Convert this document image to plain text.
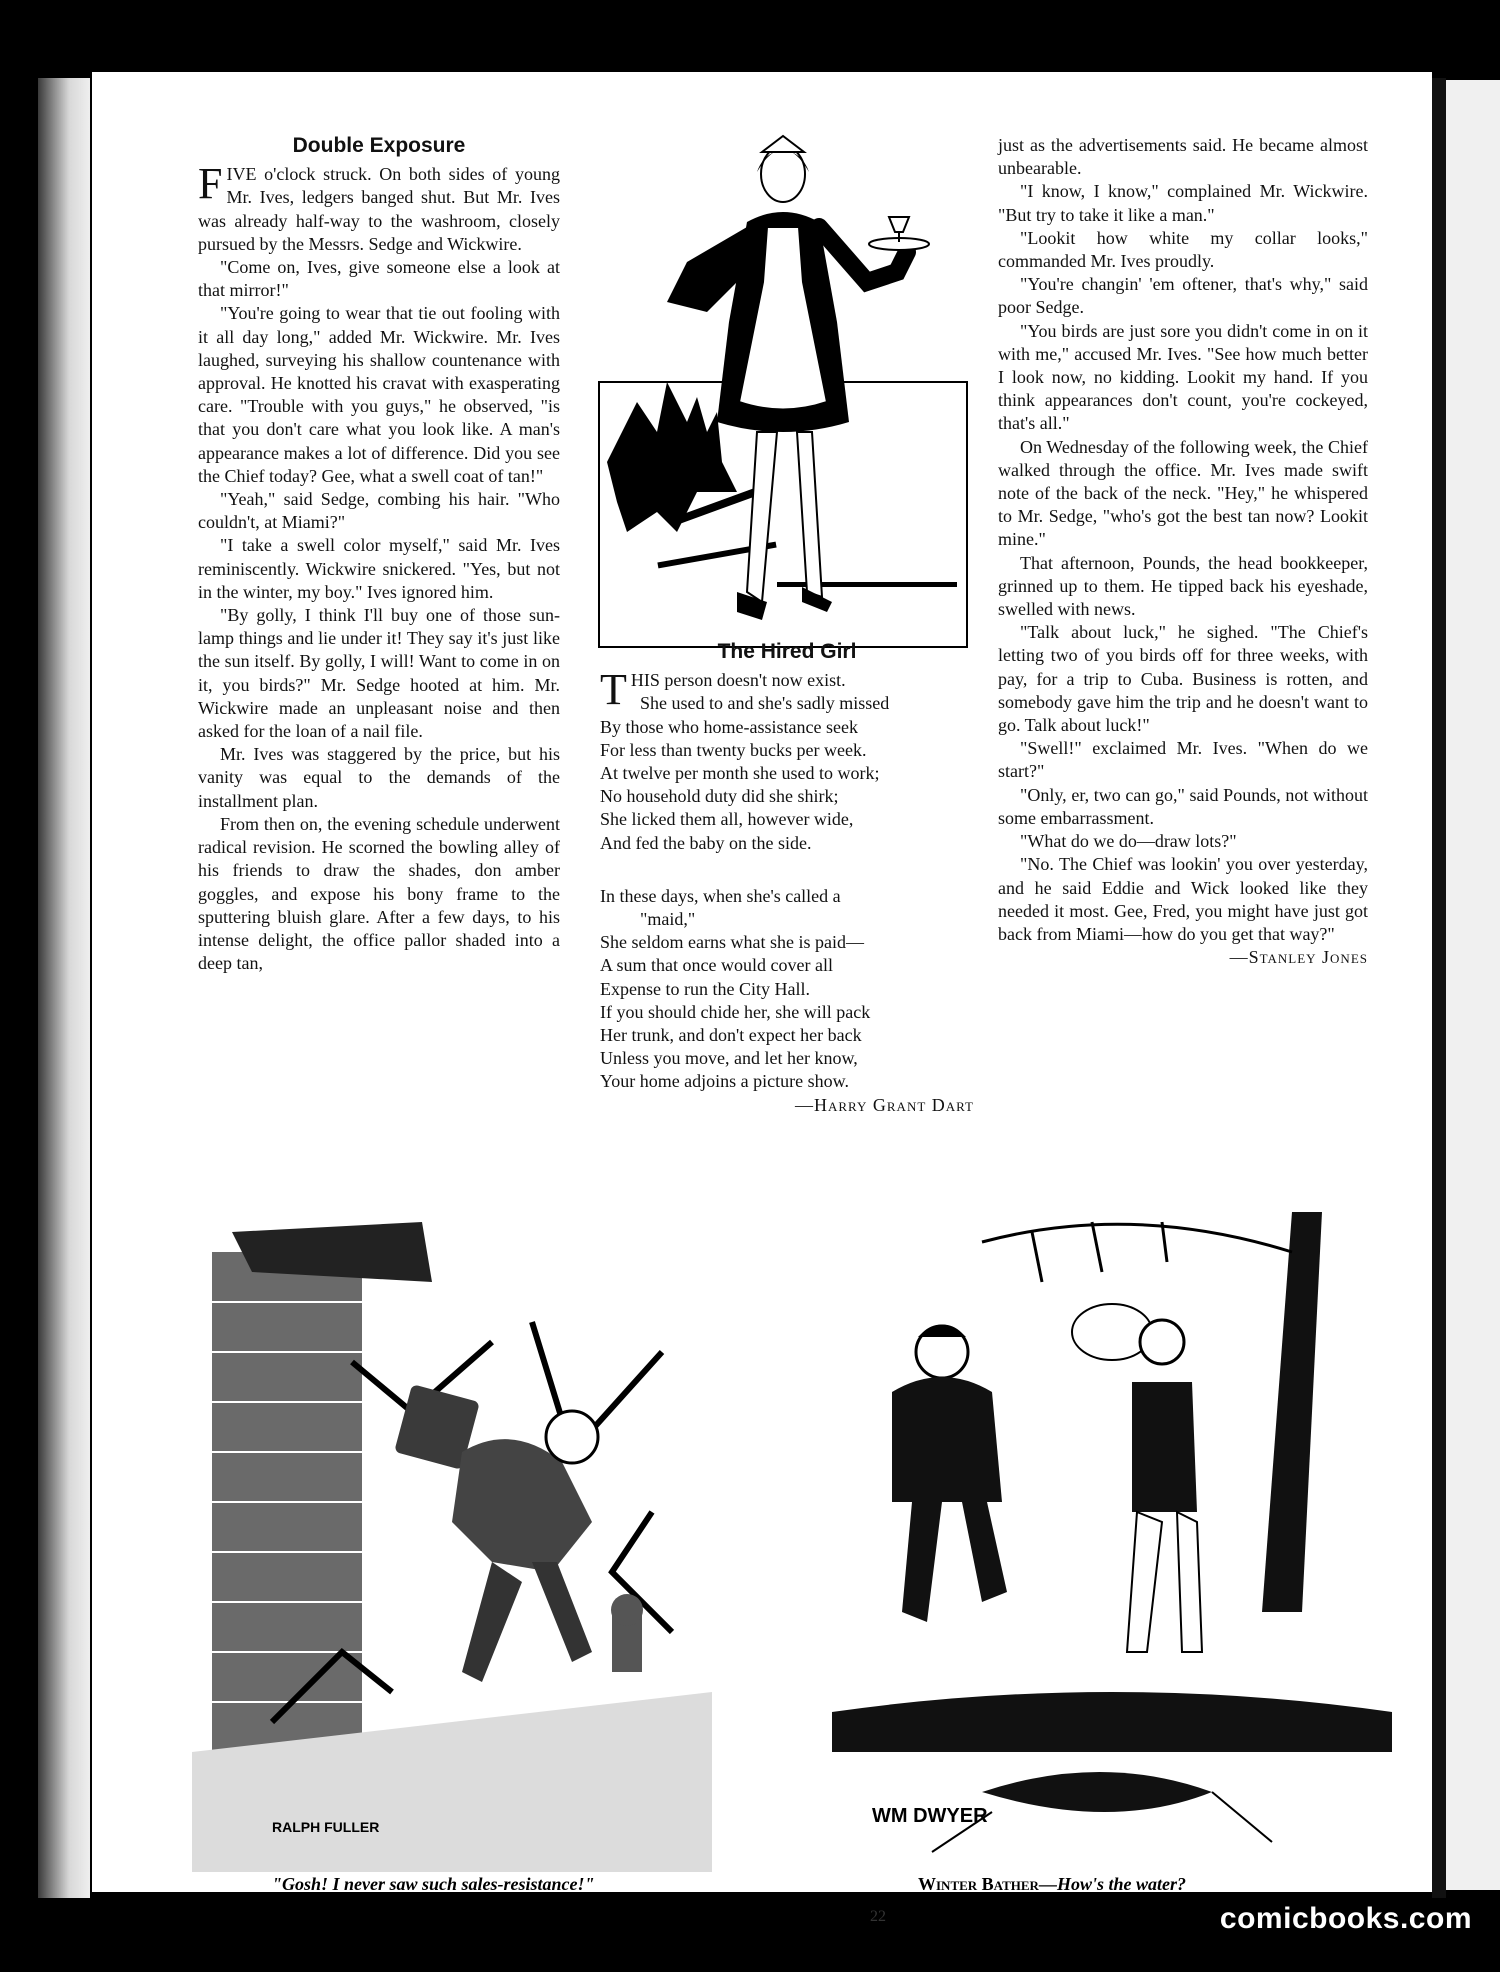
Double Exposure

FIVE o'clock struck. On both sides of young Mr. Ives, ledgers banged shut. But Mr. Ives was already half-way to the washroom, closely pursued by the Messrs. Sedge and Wickwire.

"Come on, Ives, give someone else a look at that mirror!"

"You're going to wear that tie out fooling with it all day long," added Mr. Wickwire. Mr. Ives laughed, surveying his shallow countenance with approval. He knotted his cravat with exasperating care. "Trouble with you guys," he observed, "is that you don't care what you look like. A man's appearance makes a lot of difference. Did you see the Chief today? Gee, what a swell coat of tan!"

"Yeah," said Sedge, combing his hair. "Who couldn't, at Miami?"

"I take a swell color myself," said Mr. Ives reminiscently. Wickwire snickered. "Yes, but not in the winter, my boy." Ives ignored him.

"By golly, I think I'll buy one of those sun-lamp things and lie under it! They say it's just like the sun itself. By golly, I will! Want to come in on it, you birds?" Mr. Sedge hooted at him. Mr. Wickwire made an unpleasant noise and then asked for the loan of a nail file.

Mr. Ives was staggered by the price, but his vanity was equal to the demands of the installment plan.

From then on, the evening schedule underwent radical revision. He scorned the bowling alley of his friends to draw the shades, don amber goggles, and expose his bony frame to the sputtering bluish glare. After a few days, to his intense delight, the office pallor shaded into a deep tan,

The Hired Girl

THIS person doesn't now exist.

She used to and she's sadly missed

By those who home-assistance seek

For less than twenty bucks per week.

At twelve per month she used to work;

No household duty did she shirk;

She licked them all, however wide,

And fed the baby on the side.

In these days, when she's called a

"maid,"

She seldom earns what she is paid—

A sum that once would cover all

Expense to run the City Hall.

If you should chide her, she will pack

Her trunk, and don't expect her back

Unless you move, and let her know,

Your home adjoins a picture show.

—Harry Grant Dart

just as the advertisements said. He became almost unbearable.

"I know, I know," complained Mr. Wickwire. "But try to take it like a man."

"Lookit how white my collar looks," commanded Mr. Ives proudly.

"You're changin' 'em oftener, that's why," said poor Sedge.

"You birds are just sore you didn't come in on it with me," accused Mr. Ives. "See how much better I look now, no kidding. Lookit my hand. If you think appearances don't count, you're cockeyed, that's all."

On Wednesday of the following week, the Chief walked through the office. Mr. Ives made swift note of the back of the neck. "Hey," he whispered to Mr. Sedge, "who's got the best tan now? Lookit mine."

That afternoon, Pounds, the head bookkeeper, grinned up to them. He tipped back his eyeshade, swelled with news.

"Talk about luck," he sighed. "The Chief's letting two of you birds off for three weeks, with pay, for a trip to Cuba. Business is rotten, and somebody gave him the trip and he doesn't want to go. Talk about luck!"

"Swell!" exclaimed Mr. Ives. "When do we start?"

"Only, er, two can go," said Pounds, not without some embarrassment.

"What do we do—draw lots?"

"No. The Chief was lookin' you over yesterday, and he said Eddie and Wick looked like they needed it most. Gee, Fred, you might have just got back from Miami—how do you get that way?"

—Stanley Jones

RALPH FULLER
"Gosh! I never saw such sales-resistance!"
WM DWYER
Winter Bather—How's the water?
22	comicbooks.com
